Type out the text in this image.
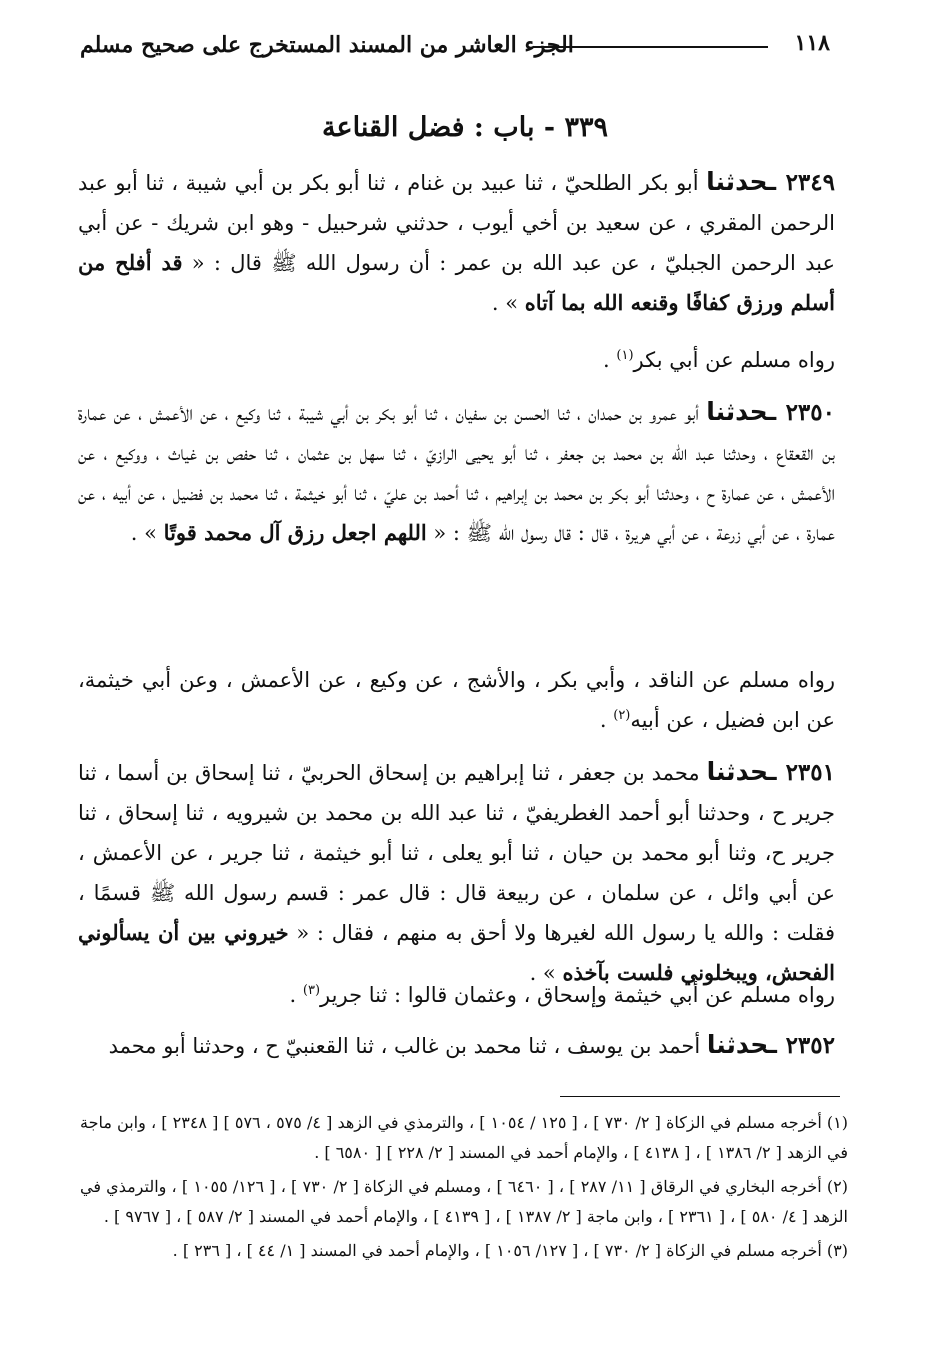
١١٨
الجزء العاشر من المسند المستخرج على صحيح مسلم
٣٣٩ - باب : فضل القناعة
٢٣٤٩ ـحدثنا أبو بكر الطلحيّ ، ثنا عبيد بن غنام ، ثنا أبو بكر بن أبي شيبة ، ثنا أبو عبد الرحمن المقري ، عن سعيد بن أخي أيوب ، حدثني شرحبيل - وهو ابن شريك - عن أبي عبد الرحمن الجبليّ ، عن عبد الله بن عمر : أن رسول الله ﷺ قال : « قد أفلح من أسلم ورزق كفافًا وقنعه الله بما آتاه » .
رواه مسلم عن أبي بكر$^{(١)}$ .
٢٣٥٠ ـحدثنا أبو عمرو بن حمدان ، ثنا الحسن بن سفيان ، ثنا أبو بكر بن أبي شيبة ، ثنا وكيع ، عن الأعمش ، عن عمارة بن القعقاع ، وحدثنا عبد الله بن محمد بن جعفر ، ثنا أبو يحيى الرازيّ ، ثنا سهل بن عثمان ، ثنا حفص بن غياث ، ووكيع ، عن الأعمش ، عن عمارة ح ، وحدثنا أبو بكر بن محمد بن إبراهيم ، ثنا أحمد بن عليّ ، ثنا أبو خيثمة ، ثنا محمد بن فضيل ، عن أبيه ، عن عمارة ، عن أبي زرعة ، عن أبي هريرة ، قال : قال رسول الله ﷺ : « اللهم اجعل رزق آل محمد قوتًا » .
رواه مسلم عن الناقد ، وأبي بكر ، والأشج ، عن وكيع ، عن الأعمش ، وعن أبي خيثمة، عن ابن فضيل ، عن أبيه$^{(٢)}$ .
٢٣٥١ ـحدثنا محمد بن جعفر ، ثنا إبراهيم بن إسحاق الحربيّ ، ثنا إسحاق بن أسما ، ثنا جرير ح ، وحدثنا أبو أحمد الغطريفيّ ، ثنا عبد الله بن محمد بن شيرويه ، ثنا إسحاق ، ثنا جرير ح، وثنا أبو محمد بن حيان ، ثنا أبو يعلى ، ثنا أبو خيثمة ، ثنا جرير ، عن الأعمش ، عن أبي وائل ، عن سلمان ، عن ربيعة قال : قال عمر : قسم رسول الله ﷺ قسمًا ، فقلت : والله يا رسول الله لغيرها ولا أحق به منهم ، فقال : « خيروني بين أن يسألوني الفحش، ويبخلوني فلست بآخذه » .
رواه مسلم عن أبي خيثمة وإسحاق ، وعثمان قالوا : ثنا جرير$^{(٣)}$ .
٢٣٥٢ ـحدثنا أحمد بن يوسف ، ثنا محمد بن غالب ، ثنا القعنبيّ ح ، وحدثنا أبو محمد
(١) أخرجه مسلم في الزكاة [ ٢/ ٧٣٠ ] ، [ ١٢٥ / ١٠٥٤ ] ، والترمذي في الزهد [ ٤/ ٥٧٥ ، ٥٧٦ ] [ ٢٣٤٨ ] ، وابن ماجة في الزهد [ ٢/ ١٣٨٦ ] ، [ ٤١٣٨ ] ، والإمام أحمد في المسند [ ٢/ ٢٢٨ ] [ ٦٥٨٠ ] .
(٢) أخرجه البخاري في الرقاق [ ١١/ ٢٨٧ ] ، [ ٦٤٦٠ ] ، ومسلم في الزكاة [ ٢/ ٧٣٠ ] ، [ ١٢٦/ ١٠٥٥ ] ، والترمذي في الزهد [ ٤/ ٥٨٠ ] ، [ ٢٣٦١ ] ، وابن ماجة [ ٢/ ١٣٨٧ ] ، [ ٤١٣٩ ] ، والإمام أحمد في المسند [ ٢/ ٥٨٧ ] ، [ ٩٧٦٧ ] .
(٣) أخرجه مسلم في الزكاة [ ٢/ ٧٣٠ ] ، [ ١٢٧/ ١٠٥٦ ] ، والإمام أحمد في المسند [ ١/ ٤٤ ] ، [ ٢٣٦ ] .
